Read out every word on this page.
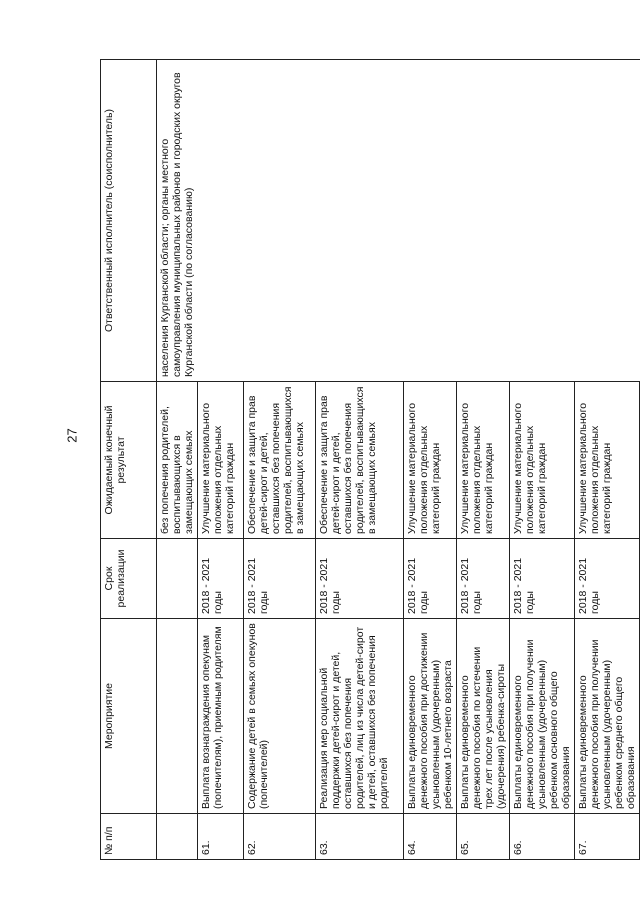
27
№ п/п	Мероприятие	Срок реализации	Ожидаемый конечный результат	Ответственный исполнитель (соисполнитель)
			без попечения родителей, воспитывающихся в замещающих семьях	населения Курганской области; органы местного самоуправления муниципальных районов и городских округов Курганской области (по согласованию)
61.	Выплата вознаграждения опекунам (попечителям), приемным родителям	2018 - 2021 годы	Улучшение материального положения отдельных категорий граждан	
62.	Содержание детей в семьях опекунов (попечителей)	2018 - 2021 годы	Обеспечение и защита прав детей-сирот и детей, оставшихся без попечения родителей, воспитывающихся в замещающих семьях	
63.	Реализация мер социальной поддержки детей-сирот и детей, оставшихся без попечения родителей, лиц из числа детей-сирот и детей, оставшихся без попечения родителей	2018 - 2021 годы	Обеспечение и защита прав детей-сирот и детей, оставшихся без попечения родителей, воспитывающихся в замещающих семьях	
64.	Выплаты единовременного денежного пособия при достижении усыновленным (удочеренным) ребенком 10-летнего возраста	2018 - 2021 годы	Улучшение материального положения отдельных категорий граждан	
65.	Выплаты единовременного денежного пособия по истечении трех лет после усыновления (удочерения) ребенка-сироты	2018 - 2021 годы	Улучшение материального положения отдельных категорий граждан	
66.	Выплаты единовременного денежного пособия при получении усыновленным (удочеренным) ребенком основного общего образования	2018 - 2021 годы	Улучшение материального положения отдельных категорий граждан	
67.	Выплаты единовременного денежного пособия при получении усыновленным (удочеренным) ребенком среднего общего образования	2018 - 2021 годы	Улучшение материального положения отдельных категорий граждан	
